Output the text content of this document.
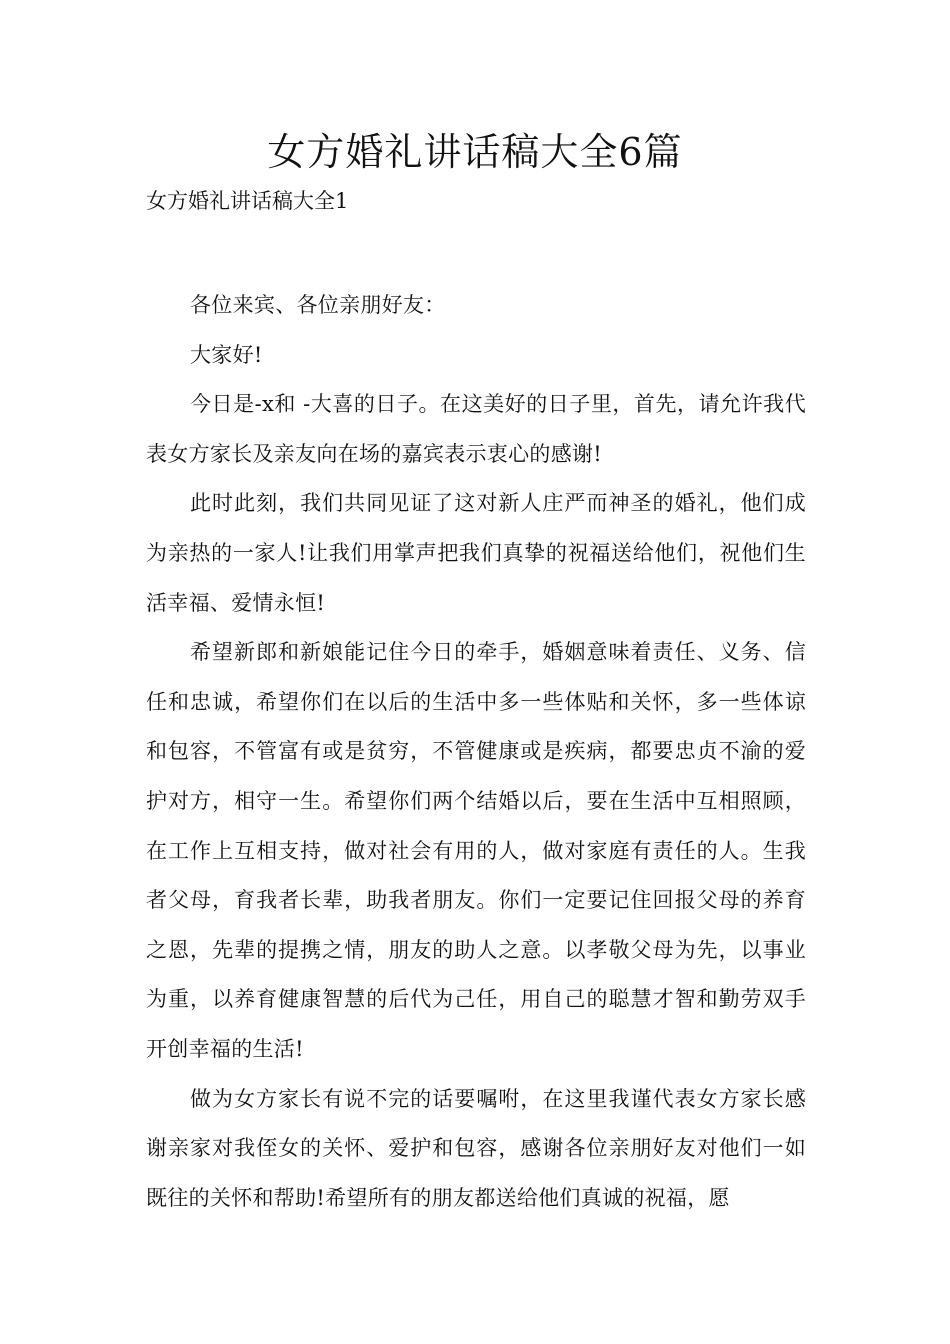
女方婚礼讲话稿大全6篇
女方婚礼讲话稿大全1

各位来宾、各位亲朋好友：

大家好!

今日是-x和 -大喜的日子。在这美好的日子里，首先，请允许我代表女方家长及亲友向在场的嘉宾表示衷心的感谢!

此时此刻，我们共同见证了这对新人庄严而神圣的婚礼，他们成为亲热的一家人!让我们用掌声把我们真挚的祝福送给他们，祝他们生活幸福、爱情永恒!

希望新郎和新娘能记住今日的牵手，婚姻意味着责任、义务、信任和忠诚，希望你们在以后的生活中多一些体贴和关怀，多一些体谅和包容，不管富有或是贫穷，不管健康或是疾病，都要忠贞不渝的爱护对方，相守一生。希望你们两个结婚以后，要在生活中互相照顾，在工作上互相支持，做对社会有用的人，做对家庭有责任的人。生我者父母，育我者长辈，助我者朋友。你们一定要记住回报父母的养育之恩，先辈的提携之情，朋友的助人之意。以孝敬父母为先，以事业为重，以养育健康智慧的后代为己任，用自己的聪慧才智和勤劳双手开创幸福的生活!

做为女方家长有说不完的话要嘱咐，在这里我谨代表女方家长感谢亲家对我侄女的关怀、爱护和包容，感谢各位亲朋好友对他们一如既往的关怀和帮助!希望所有的朋友都送给他们真诚的祝福，愿
